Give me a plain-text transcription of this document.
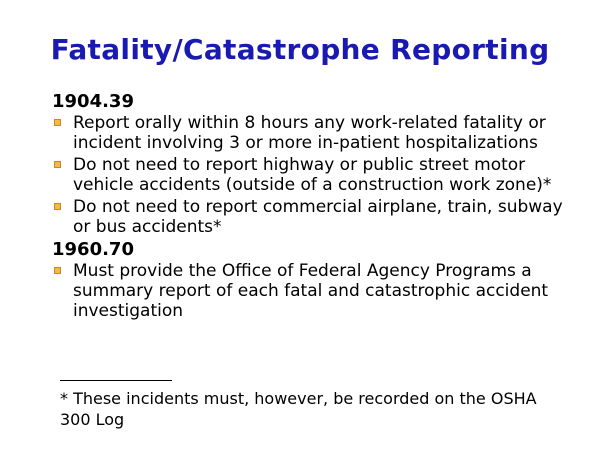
Fatality/Catastrophe Reporting
1904.39
Report orally within 8 hours any work-related fatality or incident involving 3 or more in-patient hospitalizations
Do not need to report highway or public street motor vehicle accidents (outside of a construction work zone)*
Do not need to report commercial airplane, train, subway or bus accidents*
1960.70
Must provide the Office of Federal Agency Programs a summary report of each fatal and catastrophic accident investigation
* These incidents must, however, be recorded on the OSHA 300 Log
